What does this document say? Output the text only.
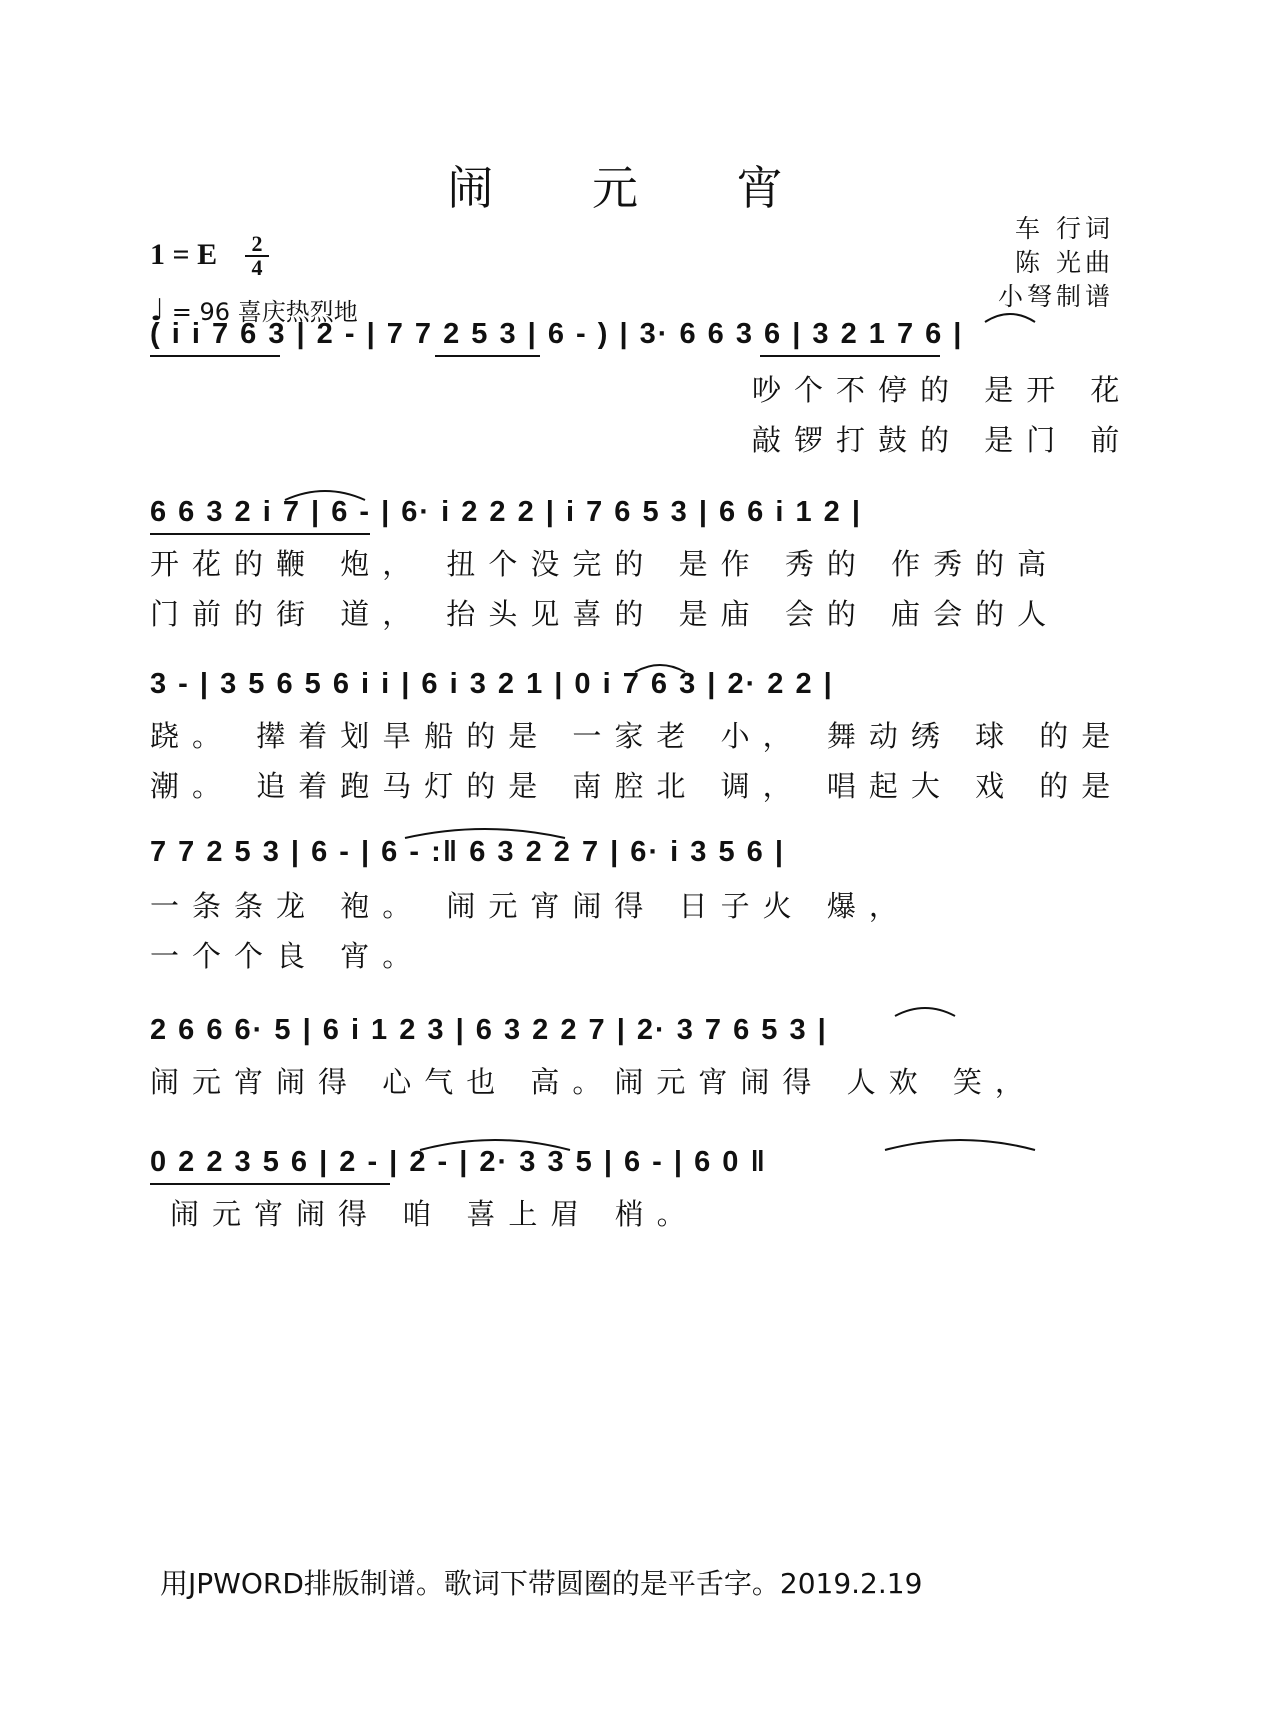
闹 元 宵
1 = E 2
4
♩ = 96 喜庆热烈地
车 行词
陈 光曲
小弩制谱
( i i 7 6 3 | 2 - | 7 7 2 5 3 | 6 - ) | 3· 6 6 3 6 | 3 2 1 7 6 |
吵个不停的 是开 花
敲锣打鼓的 是门 前
6 6 3 2 i 7 | 6 - | 6· i 2 2 2 | i 7 6 5 3 | 6 6 i 1 2 |
开花的鞭 炮， 扭个没完的 是作 秀的 作秀的高
门前的街 道， 抬头见喜的 是庙 会的 庙会的人
3 - | 3 5 6 5 6 i i | 6 i 3 2 1 | 0 i 7 6 3 | 2· 2 2 |
跷。 撵着划旱船的是 一家老 小， 舞动绣 球 的是
潮。 追着跑马灯的是 南腔北 调， 唱起大 戏 的是
7 7 2 5 3 | 6 - | 6 - :‖ 6 3 2 2 7 | 6· i 3 5 6 |
一条条龙 袍。 闹元宵闹得 日子火 爆，
一个个良 宵。
2 6 6 6· 5 | 6 i 1 2 3 | 6 3 2 2 7 | 2· 3 7 6 5 3 |
闹元宵闹得 心气也 高。闹元宵闹得 人欢 笑，
0 2 2 3 5 6 | 2 - | 2 - | 2· 3 3 5 | 6 - | 6 0 ‖
闹元宵闹得 咱 喜上眉 梢。
用JPWORD排版制谱。歌词下带圆圈的是平舌字。2019.2.19
